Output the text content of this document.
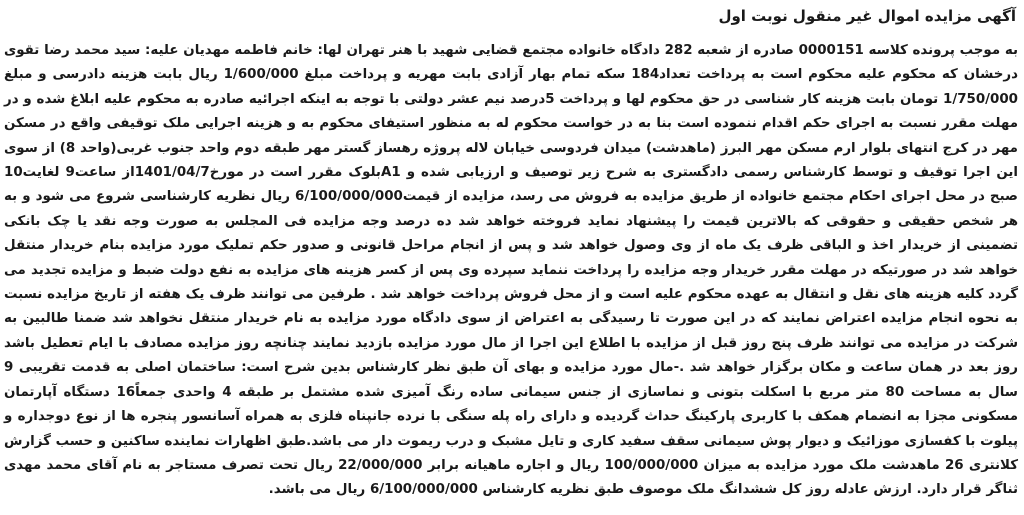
آگهی مزایده اموال غیر منقول نوبت اول

به موجب پرونده کلاسه 0000151 صادره از شعبه 282 دادگاه خانواده مجتمع قضایی شهید با هنر تهران لها: خانم فاطمه مهدیان علیه: سید محمد رضا تقوی درخشان که محکوم علیه محکوم است به پرداخت تعداد184 سکه تمام بهار آزادی بابت مهریه و پرداخت مبلغ 1/600/000 ریال بابت هزینه دادرسی و مبلغ 1/750/000 تومان بابت هزینه کار شناسی در حق محکوم لها و پرداخت 5درصد نیم عشر دولتی با توجه به اینکه اجرائیه صادره به محکوم علیه ابلاغ شده و در مهلت مقرر نسبت به اجرای حکم اقدام ننموده است بنا به در خواست محکوم له به منظور استیفای محکوم به و هزینه اجرایی ملک توقیفی واقع در مسکن مهر در کرج انتهای بلوار ارم مسکن مهر البرز (ماهدشت) میدان فردوسی خیابان لاله پروژه رهساز گستر مهر طبقه دوم واحد جنوب غربی(واحد 8) از سوی این اجرا توقیف و توسط کارشناس رسمی دادگستری به شرح زیر توصیف و ارزیابی شده و A1بلوک مقرر است در مورخ1401/04/7از ساعت9 لغایت10 صبح در محل اجرای احکام مجتمع خانواده از طریق مزایده به فروش می رسد، مزایده از قیمت6/100/000/000 ریال نظریه کارشناسی شروع می شود و به هر شخص حقیقی و حقوقی که بالاترین قیمت را پیشنهاد نماید فروخته خواهد شد ده درصد وجه مزایده فی المجلس به صورت وجه نقد یا چک بانکی تضمینی از خریدار اخذ و الباقی ظرف یک ماه از وی وصول خواهد شد و پس از انجام مراحل قانونی و صدور حکم تملیک مورد مزایده بنام خریدار منتقل خواهد شد در صورتیکه در مهلت مقرر خریدار وجه مزایده را پرداخت ننماید سپرده وی پس از کسر هزینه های مزایده به نفع دولت ضبط و مزایده تجدید می گردد کلیه هزینه های نقل و انتقال به عهده محکوم علیه است و از محل فروش پرداخت خواهد شد . طرفین می توانند ظرف یک هفته از تاریخ مزایده نسبت به نحوه انجام مزایده اعتراض نمایند که در این صورت تا رسیدگی به اعتراض از سوی دادگاه مورد مزایده به نام خریدار منتقل نخواهد شد ضمنا طالبین به شرکت در مزایده می توانند ظرف پنج روز قبل از مزایده با اطلاع این اجرا از مال مورد مزایده بازدید نمایند چنانچه روز مزایده مصادف با ایام تعطیل باشد روز بعد در همان ساعت و مکان برگزار خواهد شد .-مال مورد مزایده و بهای آن طبق نظر کارشناس بدین شرح است: ساختمان اصلی به قدمت تقریبی 9 سال به مساحت 80 متر مربع با اسکلت بتونی و نماسازی از جنس سیمانی ساده رنگ آمیزی شده مشتمل بر طبقه 4 واحدی جمعاً16 دستگاه آپارتمان مسکونی مجزا به انضمام همکف با کاربری پارکینگ حداث گردیده و دارای راه پله سنگی با نرده جانپناه فلزی به همراه آسانسور پنجره ها از نوع دوجداره و پیلوت با کفسازی موزائیک و دیوار پوش سیمانی سقف سفید کاری و تایل مشبک و درب ریموت دار می باشد.طبق اظهارات نماینده ساکنین و حسب گزارش کلانتری 26 ماهدشت ملک مورد مزایده به میزان 100/000/000 ریال و اجاره ماهیانه برابر 22/000/000 ریال تحت تصرف مستاجر به نام آقای محمد مهدی ثناگر قرار دارد. ارزش عادله روز کل ششدانگ ملک موصوف طبق نظریه کارشناس 6/100/000/000 ریال می باشد.
